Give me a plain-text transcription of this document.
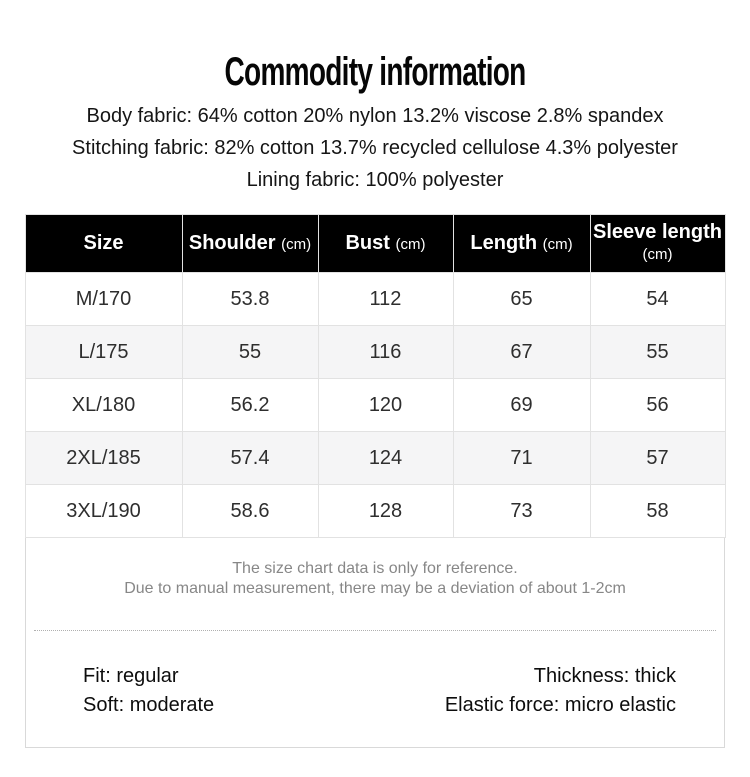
Commodity information
Body fabric: 64% cotton 20% nylon 13.2% viscose 2.8% spandex
Stitching fabric: 82% cotton 13.7% recycled cellulose 4.3% polyester
Lining fabric: 100% polyester
Size	Shoulder (cm)	Bust (cm)	Length (cm)	Sleeve length
(cm)
M/170	53.8	112	65	54
L/175	55	116	67	55
XL/180	56.2	120	69	56
2XL/185	57.4	124	71	57
3XL/190	58.6	128	73	58
The size chart data is only for reference.
Due to manual measurement, there may be a deviation of about 1-2cm
Fit: regular
Soft: moderate
Thickness: thick
Elastic force: micro elastic
